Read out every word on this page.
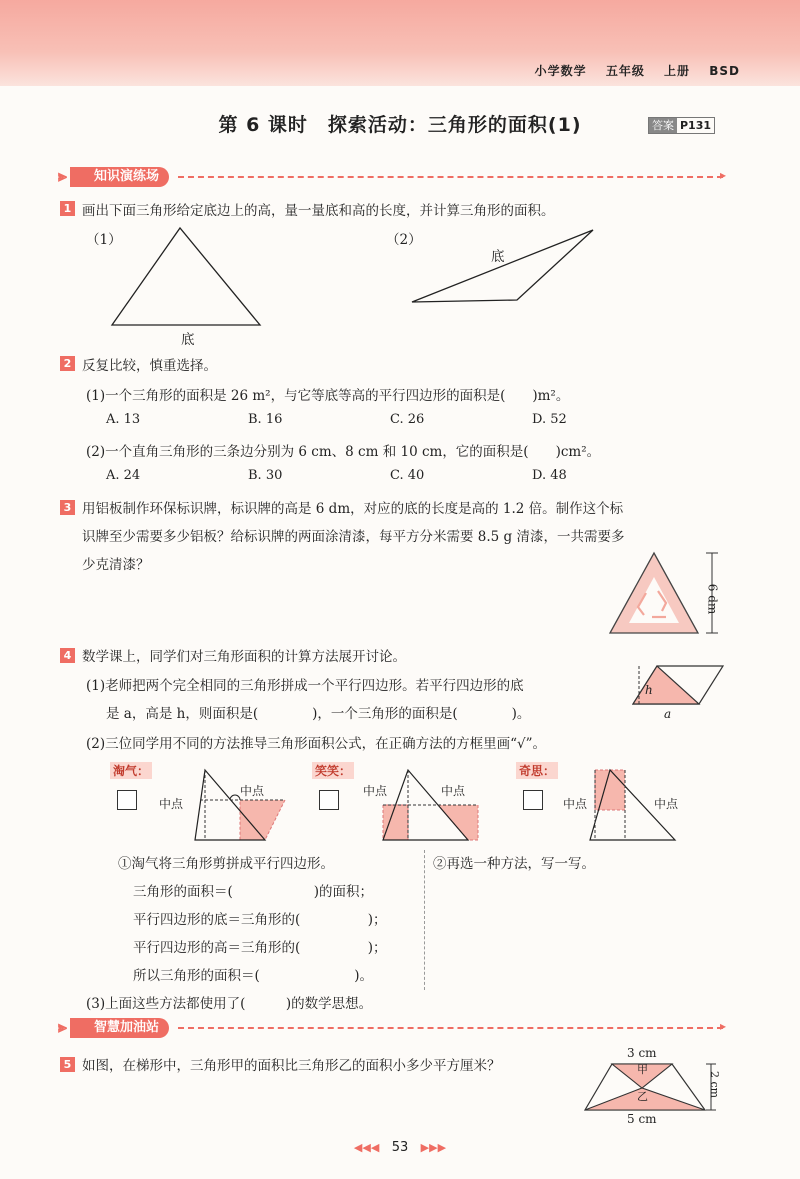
小学数学 五年级 上册 BSD
第 6 课时　探索活动：三角形的面积(1)	答案 P131
⫸	知识演练场	▸
1 画出下面三角形给定底边上的高，量一量底和高的长度，并计算三角形的面积。
（1）	（2）
底
底
2 反复比较，慎重选择。
(1)一个三角形的面积是 26 m²，与它等底等高的平行四边形的面积是(　　)m²。
A. 13	B. 16	C. 26	D. 52
(2)一个直角三角形的三条边分别为 6 cm、8 cm 和 10 cm，它的面积是(　　)cm²。
A. 24	B. 30	C. 40	D. 48
3 用铝板制作环保标识牌，标识牌的高是 6 dm，对应的底的长度是高的 1.2 倍。制作这个标
识牌至少需要多少铝板？给标识牌的两面涂清漆，每平方分米需要 8.5 g 清漆，一共需要多
少克清漆？
6 dm
4 数学课上，同学们对三角形面积的计算方法展开讨论。
(1)老师把两个完全相同的三角形拼成一个平行四边形。若平行四边形的底
是 a，高是 h，则面积是(　　　　)，一个三角形的面积是(　　　　)。
h
a
(2)三位同学用不同的方法推导三角形面积公式，在正确方法的方框里画“√”。
淘气：
中点
中点
笑笑：
中点	中点
奇思：
中点	中点
①淘气将三角形剪拼成平行四边形。	②再选一种方法，写一写。
三角形的面积＝(　　　　　　)的面积；
平行四边形的底＝三角形的(　　　　　)；
平行四边形的高＝三角形的(　　　　　)；
所以三角形的面积＝(　　　　　　　)。
(3)上面这些方法都使用了(　　　)的数学思想。
⫸	智慧加油站	▸
5 如图，在梯形中，三角形甲的面积比三角形乙的面积小多少平方厘米？
3 cm
甲
乙
5 cm
2 cm
◀◀◀ 53 ▶▶▶
